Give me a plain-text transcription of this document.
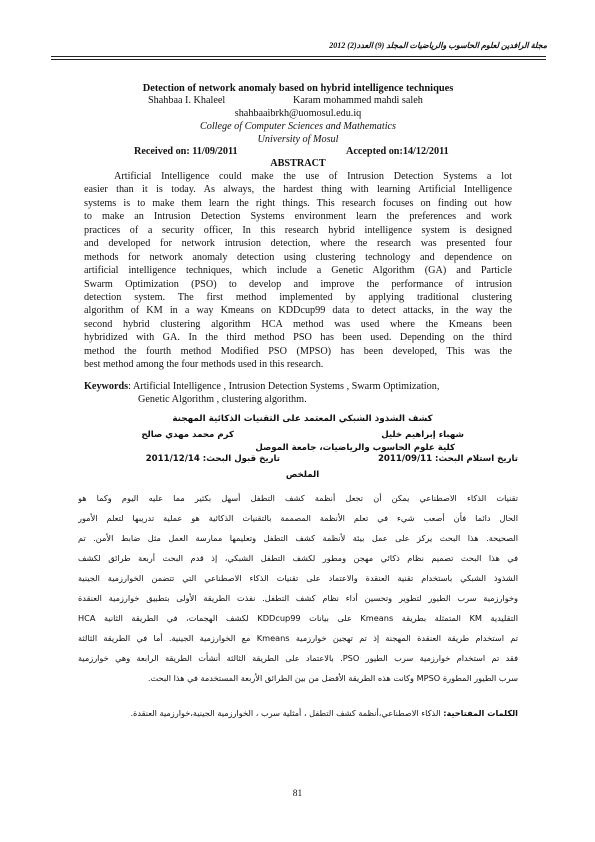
مجلة الرافدين لعلوم الحاسوب والرياضيات المجلد (9) العدد(2) 2012
Detection of network anomaly based on hybrid intelligence techniques
Shahbaa I. Khaleel	Karam mohammed mahdi saleh
shahbaaibrkh@uomosul.edu.iq
College of Computer Sciences and Mathematics
University of Mosul
Received on: 11/09/2011	Accepted on:14/12/2011
ABSTRACT
Artificial Intelligence could make the use of Intrusion Detection Systems a lot
easier than it is today. As always, the hardest thing with learning Artificial Intelligence
systems is to make them learn the right things. This research focuses on finding out how
to make an Intrusion Detection Systems environment learn the preferences and work
practices of a security officer, In this research hybrid intelligence system is designed
and developed for network intrusion detection, where the research was presented four
methods for network anomaly detection using clustering technology and dependence on
artificial intelligence techniques, which include a Genetic Algorithm (GA) and Particle
Swarm Optimization (PSO) to develop and improve the performance of intrusion
detection system. The first method implemented by applying traditional clustering
algorithm of KM in a way Kmeans on KDDcup99 data to detect attacks, in the way the
second hybrid clustering algorithm HCA method was used where the Kmeans been
hybridized with GA. In the third method PSO has been used. Depending on the third
method the fourth method Modified PSO (MPSO) has been developed, This was the
best method among the four methods used in this research.
Keywords: Artificial Intelligence , Intrusion Detection Systems , Swarm Optimization,
Genetic Algorithm , clustering algorithm.
كشف الشذوذ الشبكي المعتمد على التقنيات الذكائية المهجنة
شهباء إبراهيم خليل
كرم محمد مهدي صالح
كلية علوم الحاسوب والرياضيات، جامعة الموصل
تاريخ استلام البحث: 2011/09/11
تاريخ قبول البحث: 2011/12/14
الملخص
تقنيات الذكاء الاصطناعي يمكن أن تجعل أنظمة كشف التطفل أسهل بكثير مما عليه اليوم وكما هو
الحال دائما فأن أصعب شيء في تعلم الأنظمة المصممة بالتقنيات الذكائية هو عملية تدريبها لتعلم الأمور
الصحيحة. هذا البحث يركز على عمل بيئة لأنظمة كشف التطفل وتعليمها ممارسة العمل مثل ضابط الأمن. تم
في هذا البحث تصميم نظام ذكائي مهجن ومطور لكشف التطفل الشبكي، إذ قدم البحث أربعة طرائق لكشف
الشذوذ الشبكي باستخدام تقنية العنقدة والاعتماد على تقنيات الذكاء الاصطناعي التي تتضمن الخوارزمية الجينية
وخوارزمية سرب الطيور لتطوير وتحسين أداء نظام كشف التطفل. نفذت الطريقة الأولى بتطبيق خوارزمية العنقدة
التقليدية KM المتمثلة بطريقة Kmeans على بيانات KDDcup99 لكشف الهجمات، في الطريقة الثانية HCA
تم استخدام طريقة العنقدة المهجنة إذ تم تهجين خوارزمية Kmeans مع الخوارزمية الجينية. أما في الطريقة الثالثة
فقد تم استخدام خوارزمية سرب الطيور PSO. بالاعتماد على الطريقة الثالثة أنشأت الطريقة الرابعة وهي خوارزمية
سرب الطيور المطورة MPSO وكانت هذه الطريقة الأفضل من بين الطرائق الأربعة المستخدمة في هذا البحث.
الكلمات المفتاحية: الذكاء الاصطناعي،أنظمة كشف التطفل ، أمثلية سرب ، الخوارزمية الجينية،خوارزمية العنقدة.
81
